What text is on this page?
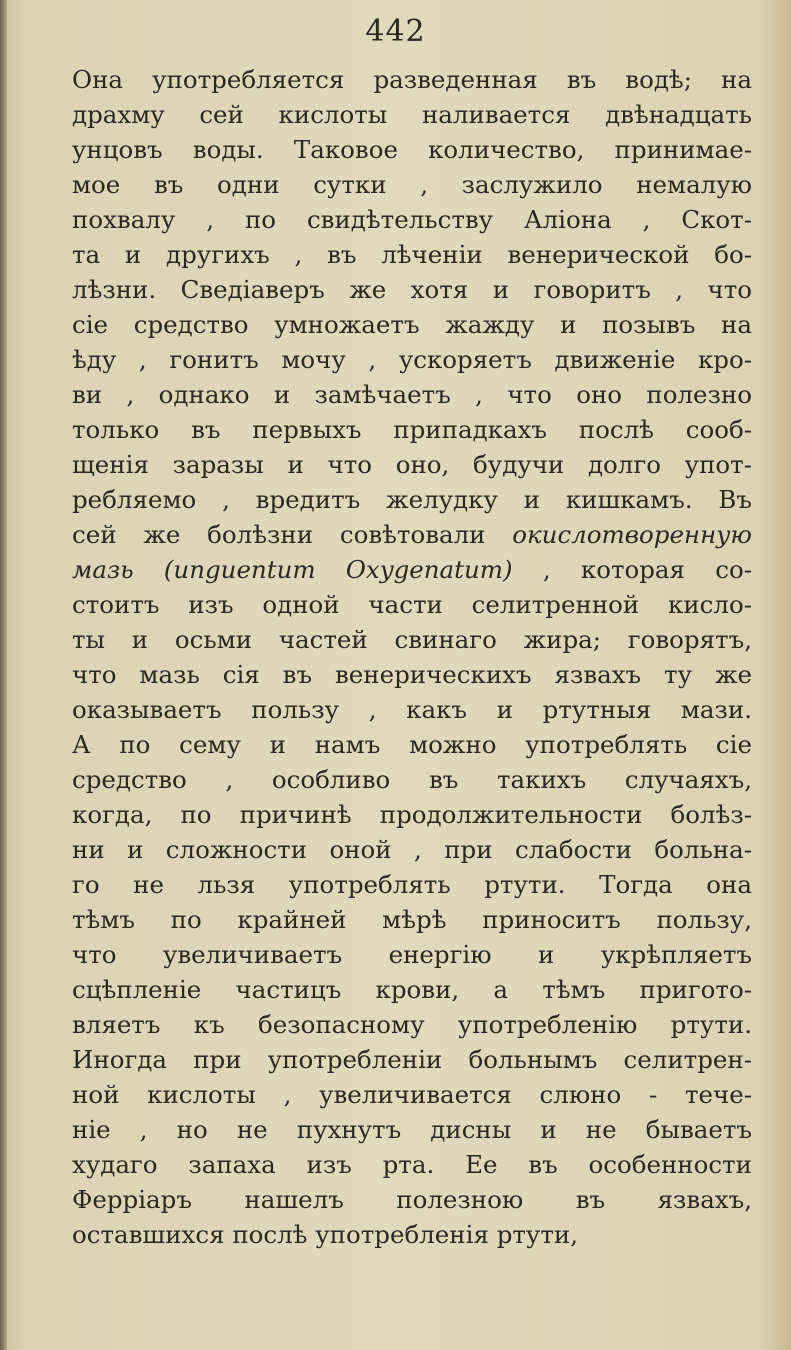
442
Она употребляется разведенная въ водѣ; на
драхму сей кислоты наливается двѣнадцать
унцовъ воды. Таковое количество, принимае-
мое въ одни сутки , заслужило немалую
похвалу , по свидѣтельству Аліона , Скот-
та и другихъ , въ лѣченіи венерической бо-
лѣзни. Сведіаверъ же хотя и говоритъ , что
сіе средство умножаетъ жажду и позывъ на
ѣду , гонитъ мочу , ускоряетъ движеніе кро-
ви , однако и замѣчаетъ , что оно полезно
только въ первыхъ припадкахъ послѣ сооб-
щенія заразы и что оно, будучи долго упот-
ребляемо , вредитъ желудку и кишкамъ. Въ
сей же болѣзни совѣтовали окислотворенную
мазь (unguentum Oxygenatum) , которая со-
стоитъ изъ одной части селитренной кисло-
ты и осьми частей свинаго жира; говорятъ,
что мазь сія въ венерическихъ язвахъ ту же
оказываетъ пользу , какъ и ртутныя мази.
А по сему и намъ можно употреблять сіе
средство , особливо въ такихъ случаяхъ,
когда, по причинѣ продолжительности болѣз-
ни и сложности оной , при слабости больна-
го не льзя употреблять ртути. Тогда она
тѣмъ по крайней мѣрѣ приноситъ пользу,
что увеличиваетъ енергію и укрѣпляетъ
сцѣпленіе частицъ крови, а тѣмъ пригото-
вляетъ къ безопасному употребленію ртути.
Иногда при употребленіи больнымъ селитрен-
ной кислоты , увеличивается слюно - тече-
ніе , но не пухнутъ дисны и не бываетъ
худаго запаха изъ рта. Ее въ особенности
Ферріаръ нашелъ полезною въ язвахъ,
оставшихся послѣ употребленія ртути,
